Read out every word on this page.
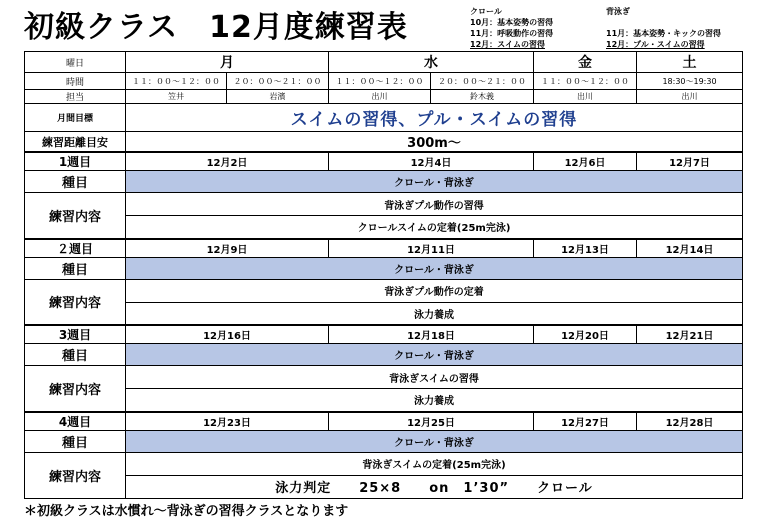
初級クラス　12月度練習表	クロール
10月：基本姿勢の習得
11月：呼吸動作の習得
12月：スイムの習得
背泳ぎ
11月：基本姿勢・キックの習得
12月：プル・スイムの習得
曜日	月		水		金	土
時間	１１：００～１２：００	２０：００～２１：００	１１：００～１２：００	２０：００～２１：００	１１：００～１２：００	18:30～19:30
担当	笠井	岩濱	出川	鈴木義	出川	出川
月間目標	スイムの習得、プル・スイムの習得					
練習距離目安	300m～					
1週目	12月2日		12月4日		12月6日	12月7日
種目	クロール・背泳ぎ					
練習内容	背泳ぎプル動作の習得					
	クロールスイムの定着(25m完泳)					
２週目	12月9日		12月11日		12月13日	12月14日
種目	クロール・背泳ぎ					
練習内容	背泳ぎプル動作の定着					
	泳力養成					
3週目	12月16日		12月18日		12月20日	12月21日
種目	クロール・背泳ぎ					
練習内容	背泳ぎスイムの習得					
	泳力養成					
4週目	12月23日		12月25日		12月27日	12月28日
種目	クロール・背泳ぎ					
練習内容	背泳ぎスイムの定着(25m完泳)					
	泳力判定　　25×8　　on　1’30”　　クロール					
＊初級クラスは水慣れ～背泳ぎの習得クラスとなります
